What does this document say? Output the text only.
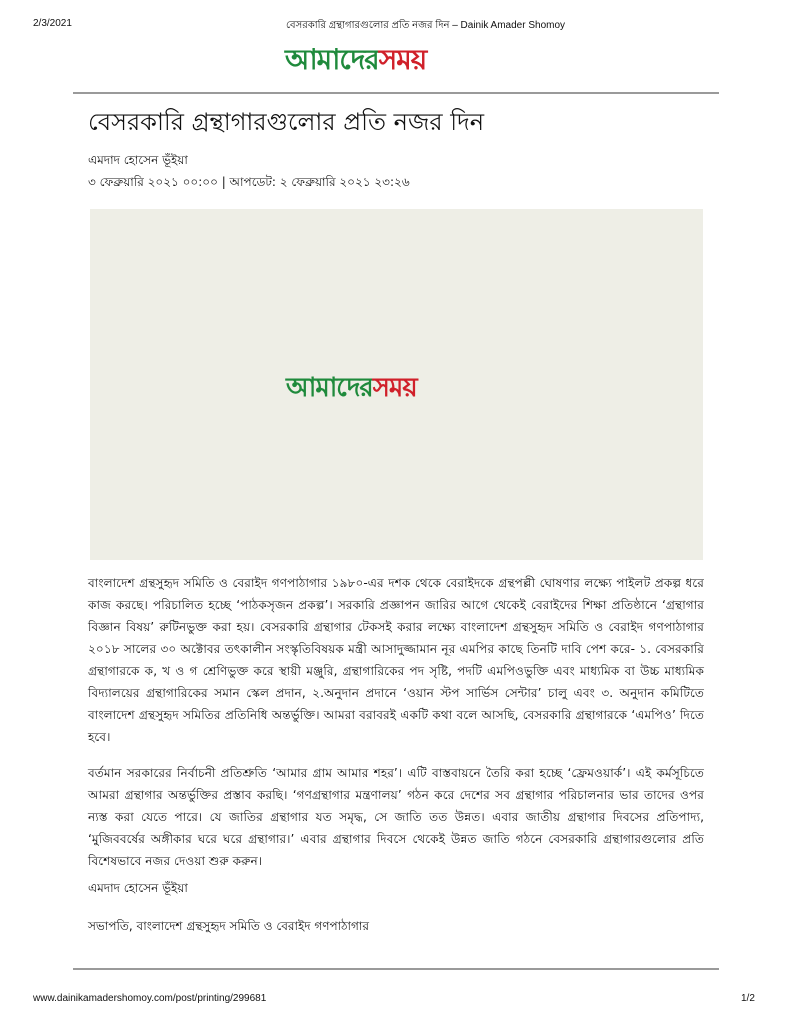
2/3/2021	বেসরকারি গ্রন্থাগারগুলোর প্রতি নজর দিন – Dainik Amader Shomoy
আমাদেরসময়
বেসরকারি গ্রন্থাগারগুলোর প্রতি নজর দিন
এমদাদ হোসেন ভূঁইয়া
৩ ফেব্রুয়ারি ২০২১ ০০:০০ | আপডেট: ২ ফেব্রুয়ারি ২০২১ ২৩:২৬
আমাদেরসময়

বাংলাদেশ গ্রন্থসুহৃদ সমিতি ও বেরাইদ গণপাঠাগার ১৯৮০-এর দশক থেকে বেরাইদকে গ্রন্থপল্লী ঘোষণার লক্ষ্যে পাইলট প্রকল্প ধরে কাজ করছে। পরিচালিত হচ্ছে ‘পাঠকসৃজন প্রকল্প’। সরকারি প্রজ্ঞাপন জারির আগে থেকেই বেরাইদের শিক্ষা প্রতিষ্ঠানে ‘গ্রন্থাগার বিজ্ঞান বিষয়’ রুটিনভুক্ত করা হয়। বেসরকারি গ্রন্থাগার টেকসই করার লক্ষ্যে বাংলাদেশ গ্রন্থসুহৃদ সমিতি ও বেরাইদ গণপাঠাগার ২০১৮ সালের ৩০ অক্টোবর তৎকালীন সংস্কৃতিবিষয়ক মন্ত্রী আসাদুজ্জামান নূর এমপির কাছে তিনটি দাবি পেশ করে- ১. বেসরকারি গ্রন্থাগারকে ক, খ ও গ শ্রেণিভুক্ত করে স্থায়ী মঞ্জুরি, গ্রন্থাগারিকের পদ সৃষ্টি, পদটি এমপিওভুক্তি এবং মাধ্যমিক বা উচ্চ মাধ্যমিক বিদ্যালয়ের গ্রন্থাগারিকের সমান স্কেল প্রদান, ২.অনুদান প্রদানে ‘ওয়ান স্টপ সার্ভিস সেন্টার’ চালু এবং ৩. অনুদান কমিটিতে বাংলাদেশ গ্রন্থসুহৃদ সমিতির প্রতিনিধি অন্তর্ভুক্তি। আমরা বরাবরই একটি কথা বলে আসছি, বেসরকারি গ্রন্থাগারকে ‘এমপিও’ দিতে হবে।

বর্তমান সরকারের নির্বাচনী প্রতিশ্রুতি ‘আমার গ্রাম আমার শহর’। এটি বাস্তবায়নে তৈরি করা হচ্ছে ‘ফ্রেমওয়ার্ক’। এই কর্মসূচিতে আমরা গ্রন্থাগার অন্তর্ভুক্তির প্রস্তাব করছি। ‘গণগ্রন্থাগার মন্ত্রণালয়’ গঠন করে দেশের সব গ্রন্থাগার পরিচালনার ভার তাদের ওপর ন্যস্ত করা যেতে পারে। যে জাতির গ্রন্থাগার যত সমৃদ্ধ, সে জাতি তত উন্নত। এবার জাতীয় গ্রন্থাগার দিবসের প্রতিপাদ্য, ‘মুজিববর্ষের অঙ্গীকার ঘরে ঘরে গ্রন্থাগার।’ এবার গ্রন্থাগার দিবসে থেকেই উন্নত জাতি গঠনে বেসরকারি গ্রন্থাগারগুলোর প্রতি বিশেষভাবে নজর দেওয়া শুরু করুন।

এমদাদ হোসেন ভূঁইয়া
সভাপতি, বাংলাদেশ গ্রন্থসুহৃদ সমিতি ও বেরাইদ গণপাঠাগার
www.dainikamadershomoy.com/post/printing/299681	1/2
